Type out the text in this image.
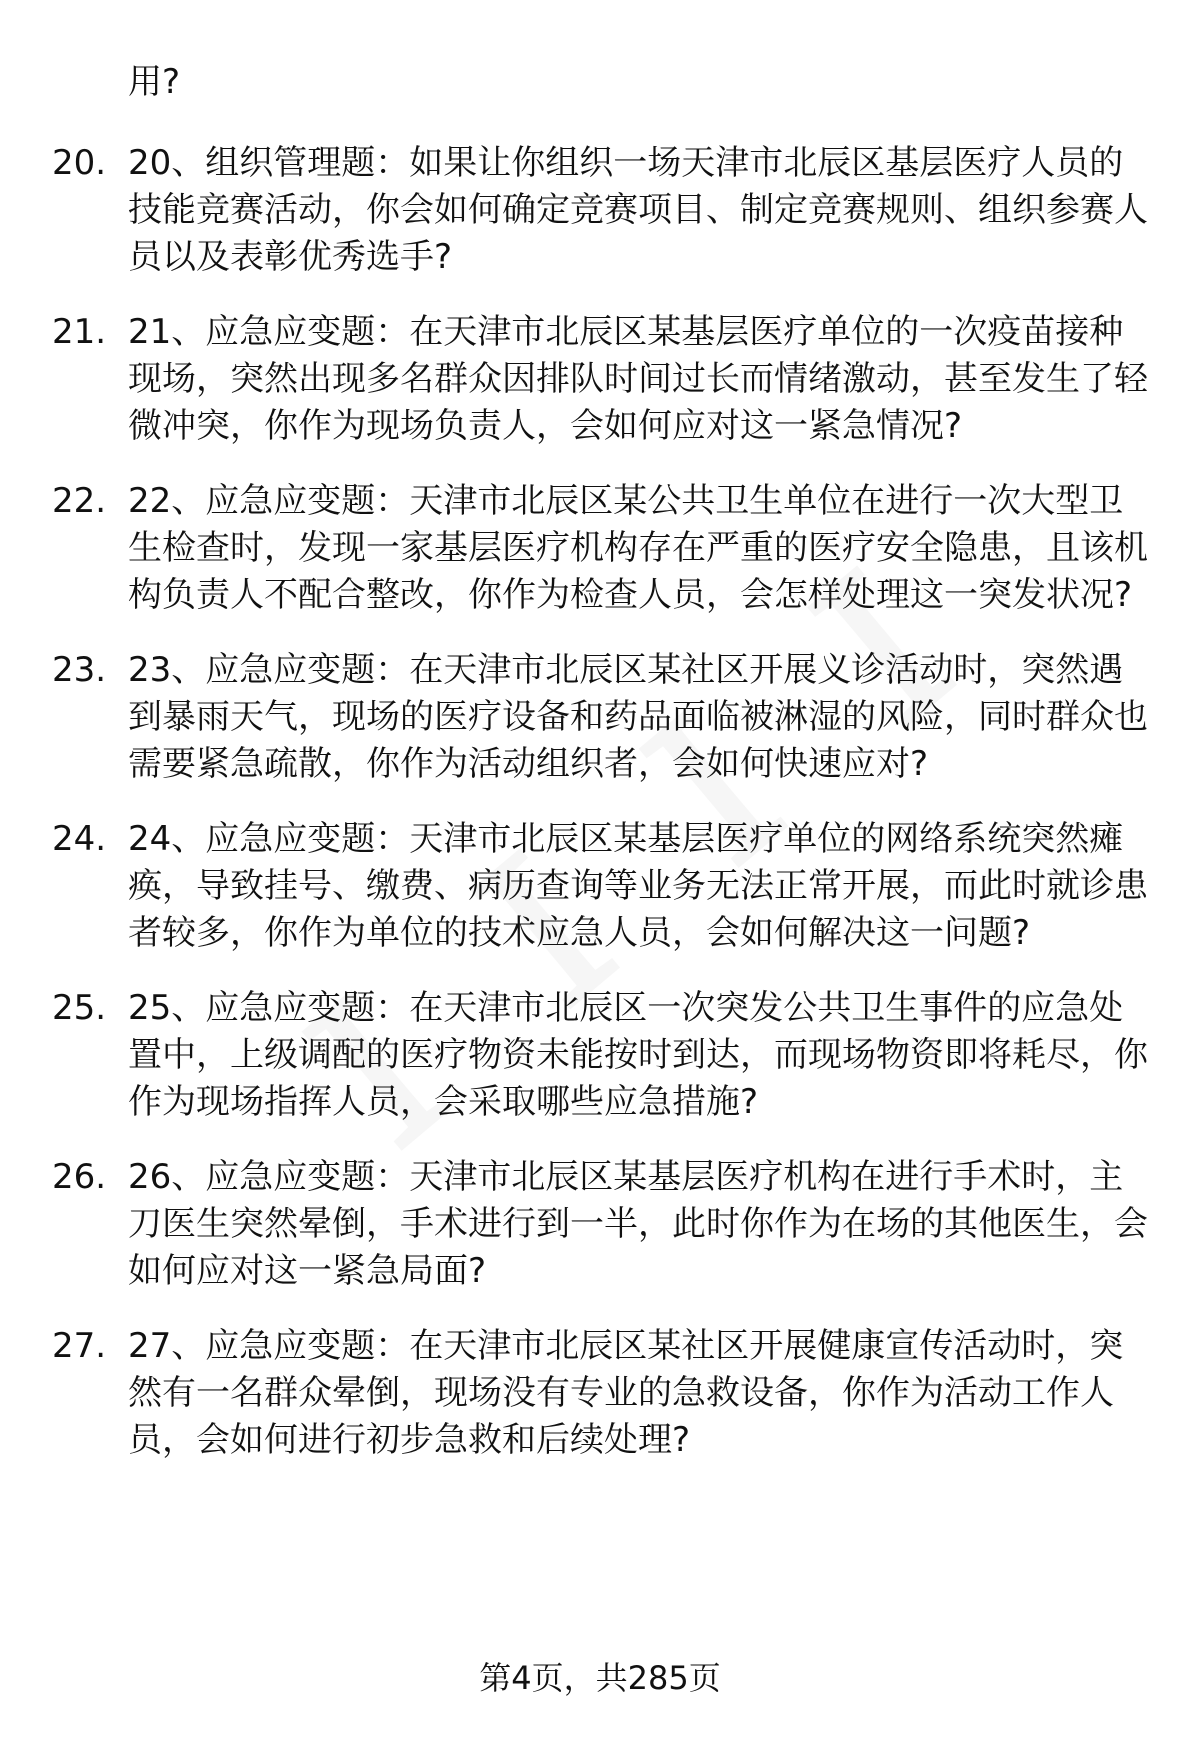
用?
20. 20、组织管理题：如果让你组织一场天津市北辰区基层医疗人员的技能竞赛活动，你会如何确定竞赛项目、制定竞赛规则、组织参赛人员以及表彰优秀选手?
21. 21、应急应变题：在天津市北辰区某基层医疗单位的一次疫苗接种现场，突然出现多名群众因排队时间过长而情绪激动，甚至发生了轻微冲突，你作为现场负责人，会如何应对这一紧急情况?
22. 22、应急应变题：天津市北辰区某公共卫生单位在进行一次大型卫生检查时，发现一家基层医疗机构存在严重的医疗安全隐患，且该机构负责人不配合整改，你作为检查人员，会怎样处理这一突发状况?
23. 23、应急应变题：在天津市北辰区某社区开展义诊活动时，突然遇到暴雨天气，现场的医疗设备和药品面临被淋湿的风险，同时群众也需要紧急疏散，你作为活动组织者，会如何快速应对?
24. 24、应急应变题：天津市北辰区某基层医疗单位的网络系统突然瘫痪，导致挂号、缴费、病历查询等业务无法正常开展，而此时就诊患者较多，你作为单位的技术应急人员，会如何解决这一问题?
25. 25、应急应变题：在天津市北辰区一次突发公共卫生事件的应急处置中，上级调配的医疗物资未能按时到达，而现场物资即将耗尽，你作为现场指挥人员，会采取哪些应急措施?
26. 26、应急应变题：天津市北辰区某基层医疗机构在进行手术时，主刀医生突然晕倒，手术进行到一半，此时你作为在场的其他医生，会如何应对这一紧急局面?
27. 27、应急应变题：在天津市北辰区某社区开展健康宣传活动时，突然有一名群众晕倒，现场没有专业的急救设备，你作为活动工作人员，会如何进行初步急救和后续处理?
第4页，共285页
